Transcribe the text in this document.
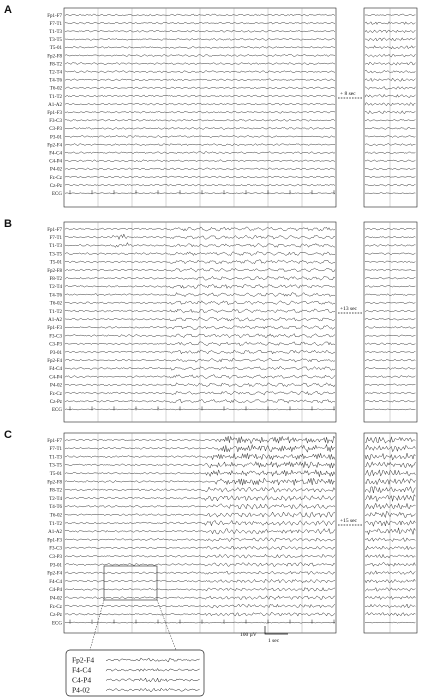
A
+ 8 sec
Fp1-F7
F7-T1
T1-T3
T3-T5
T5-01
Fp2-F8
F8-T2
T2-T4
T4-T6
T6-02
T1-T2
A1-A2
Fp1-F3
F3-C3
C3-P3
P3-01
Fp2-F4
F4-C4
C4-P4
P4-02
Fz-Cz
Cz-Pz
ECG
B
+13 sec
Fp1-F7
F7-T1
T1-T3
T3-T5
T5-01
Fp2-F8
F8-T2
T2-T4
T4-T6
T6-02
T1-T2
A1-A2
Fp1-F3
F3-C3
C3-P3
P3-01
Fp2-F4
F4-C4
C4-P4
P4-02
Fz-Cz
Cz-Pz
ECG
C
+15 sec
Fp1-F7
F7-T1
T1-T3
T3-T5
T5-01
Fp2-F8
F8-T2
T2-T4
T4-T6
T6-02
T1-T2
A1-A2
Fp1-F3
F3-C3
C3-P3
P3-01
Fp2-F4
F4-C4
C4-P4
P4-02
Fz-Cz
Cz-Pz
ECG
100 µV
1 sec
Fp2-F4
F4-C4
C4-P4
P4-02
